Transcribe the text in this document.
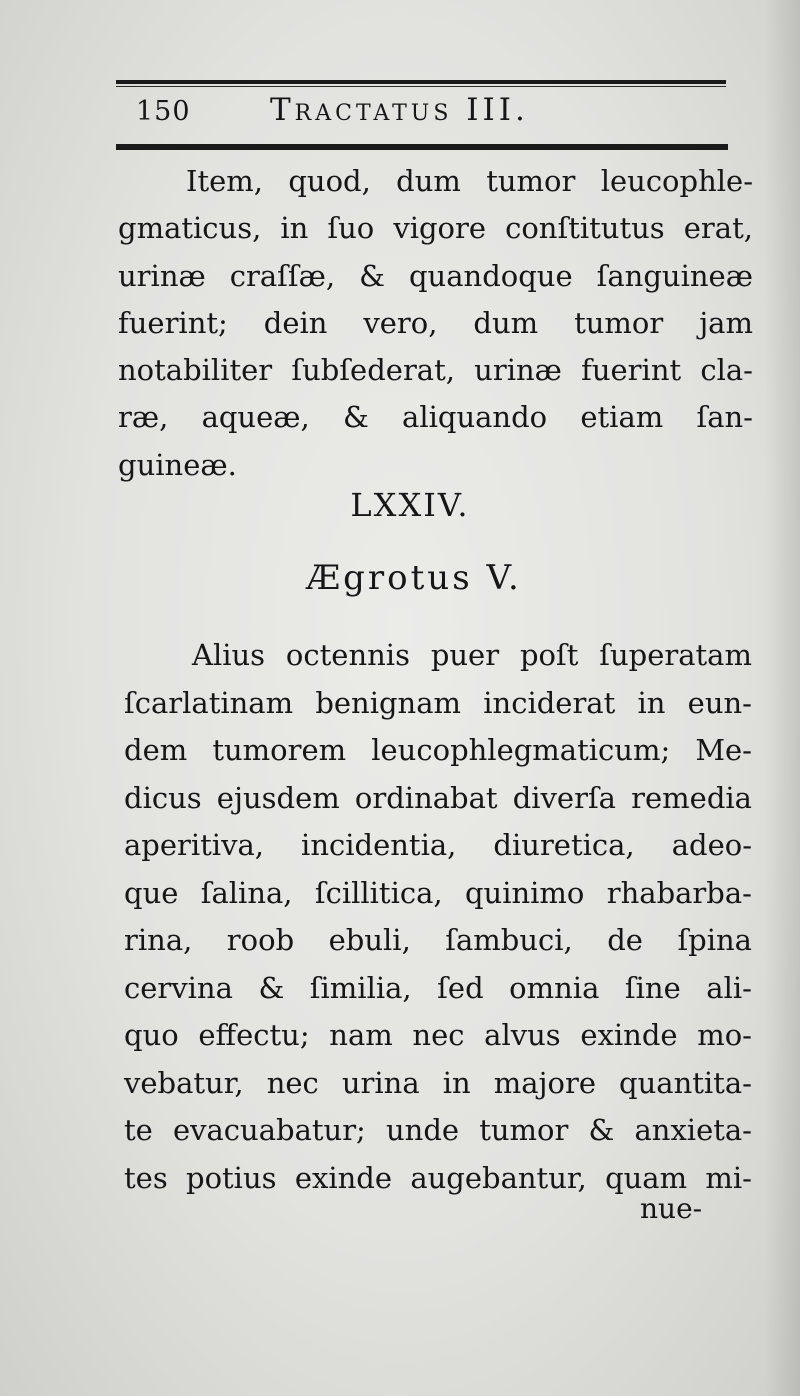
150	Tractatus III.
Item, quod, dum tumor leucophle-
gmaticus, in ſuo vigore conſtitutus erat,
urinæ craſſæ, & quandoque ſanguineæ
fuerint; dein vero, dum tumor jam
notabiliter ſubſederat, urinæ fuerint cla-
ræ, aqueæ, & aliquando etiam ſan-
guineæ.
LXXIV.
Ægrotus V.
Alius octennis puer poſt ſuperatam
ſcarlatinam benignam inciderat in eun-
dem tumorem leucophlegmaticum; Me-
dicus ejusdem ordinabat diverſa remedia
aperitiva, incidentia, diuretica, adeo-
que ſalina, ſcillitica, quinimo rhabarba-
rina, roob ebuli, ſambuci, de ſpina
cervina & ſimilia, ſed omnia ſine ali-
quo effectu; nam nec alvus exinde mo-
vebatur, nec urina in majore quantita-
te evacuabatur; unde tumor & anxieta-
tes potius exinde augebantur, quam mi-
nue-
